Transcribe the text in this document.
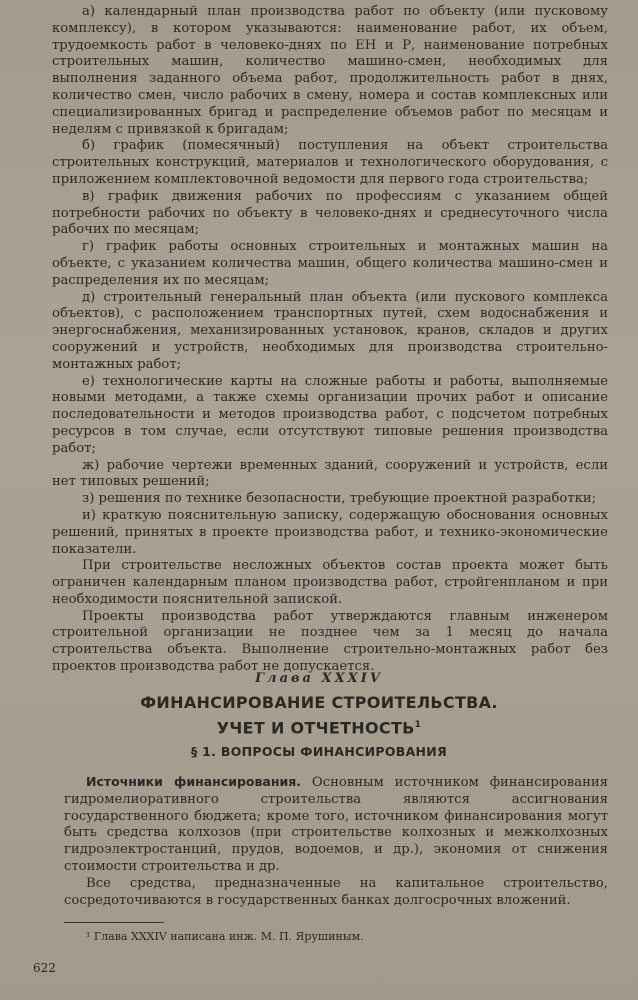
а) календарный план производства работ по объекту (или пусковому комплексу), в котором указываются: наименование работ, их объем, трудоемкость работ в человеко-днях по ЕН и Р, наименование потребных строительных машин, количество машино-смен, необходимых для выполнения заданного объема работ, продолжительность работ в днях, количество смен, число рабочих в смену, номера и состав комплексных или специализированных бригад и распределение объемов работ по месяцам и неделям с привязкой к бригадам;

б) график (помесячный) поступления на объект строительства строительных конструкций, материалов и технологического оборудования, с приложением комплектовочной ведомости для первого года строительства;

в) график движения рабочих по профессиям с указанием общей потребности рабочих по объекту в человеко-днях и среднесуточного числа рабочих по месяцам;

г) график работы основных строительных и монтажных машин на объекте, с указанием количества машин, общего количества машино-смен и распределения их по месяцам;

д) строительный генеральный план объекта (или пускового комплекса объектов), с расположением транспортных путей, схем водоснабжения и энергоснабжения, механизированных установок, кранов, складов и других сооружений и устройств, необходимых для производства строительно-монтажных работ;

е) технологические карты на сложные работы и работы, выполняемые новыми методами, а также схемы организации прочих работ и описание последовательности и методов производства работ, с подсчетом потребных ресурсов в том случае, если отсутствуют типовые решения производства работ;

ж) рабочие чертежи временных зданий, сооружений и устройств, если нет типовых решений;

з) решения по технике безопасности, требующие проектной разработки;

и) краткую пояснительную записку, содержащую обоснования основных решений, принятых в проекте производства работ, и технико-экономические показатели.

При строительстве несложных объектов состав проекта может быть ограничен календарным планом производства работ, стройгенпланом и при необходимости пояснительной запиской.

Проекты производства работ утверждаются главным инженером строительной организации не позднее чем за 1 месяц до начала строительства объекта. Выполнение строительно-монтажных работ без проектов производства работ не допускается.

Глава XXXIV
ФИНАНСИРОВАНИЕ СТРОИТЕЛЬСТВА.
УЧЕТ И ОТЧЕТНОСТЬ$^1$
§ 1. ВОПРОСЫ ФИНАНСИРОВАНИЯ

Источники финансирования. Основным источником финансирования гидромелиоративного строительства являются ассигнования государственного бюджета; кроме того, источником финансирования могут быть средства колхозов (при строительстве колхозных и межколхозных гидроэлектростанций, прудов, водоемов, и др.), экономия от снижения стоимости строительства и др.

Все средства, предназначенные на капитальное строительство, сосредоточиваются в государственных банках долгосрочных вложений.

¹ Глава XXXIV написана инж. М. П. Ярушиным.
622
